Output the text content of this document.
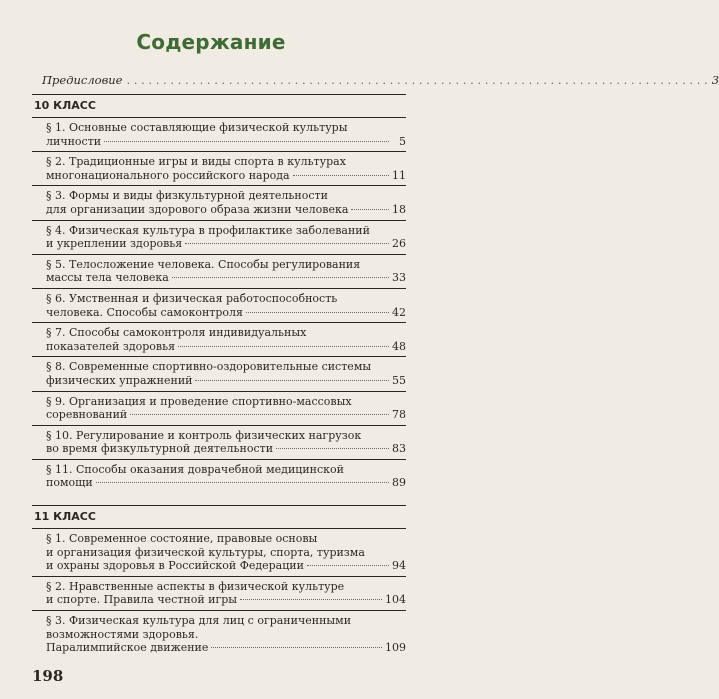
Содержание
Предисловие . . . . . . . . . . . . . . . . . . . . . . . . . . . . . . . . . . . . . . . . . . . . . . . . . . . . . . . . . . . . . . . . . . . . . . . . . . . . . . . . 3
10 КЛАСС
§ 1. Основные составляющие физической культуры
личности	5
§ 2. Традиционные игры и виды спорта в культурах
многонационального российского народа	11
§ 3. Формы и виды физкультурной деятельности
для организации здорового образа жизни человека	18
§ 4. Физическая культура в профилактике заболеваний
и укреплении здоровья	26
§ 5. Телосложение человека. Способы регулирования
массы тела человека	33
§ 6. Умственная и физическая работоспособность
человека. Способы самоконтроля	42
§ 7. Способы самоконтроля индивидуальных
показателей здоровья	48
§ 8. Современные спортивно-оздоровительные системы
физических упражнений	55
§ 9. Организация и проведение спортивно-массовых
соревнований	78
§ 10. Регулирование и контроль физических нагрузок
во время физкультурной деятельности	83
§ 11. Способы оказания доврачебной медицинской
помощи	89
11 КЛАСС
§ 1. Современное состояние, правовые основы
и организация физической культуры, спорта, туризма
и охраны здоровья в Российской Федерации	94
§ 2. Нравственные аспекты в физической культуре
и спорте. Правила честной игры	104
§ 3. Физическая культура для лиц с ограниченными
возможностями здоровья.
Паралимпийское движение	109
198
